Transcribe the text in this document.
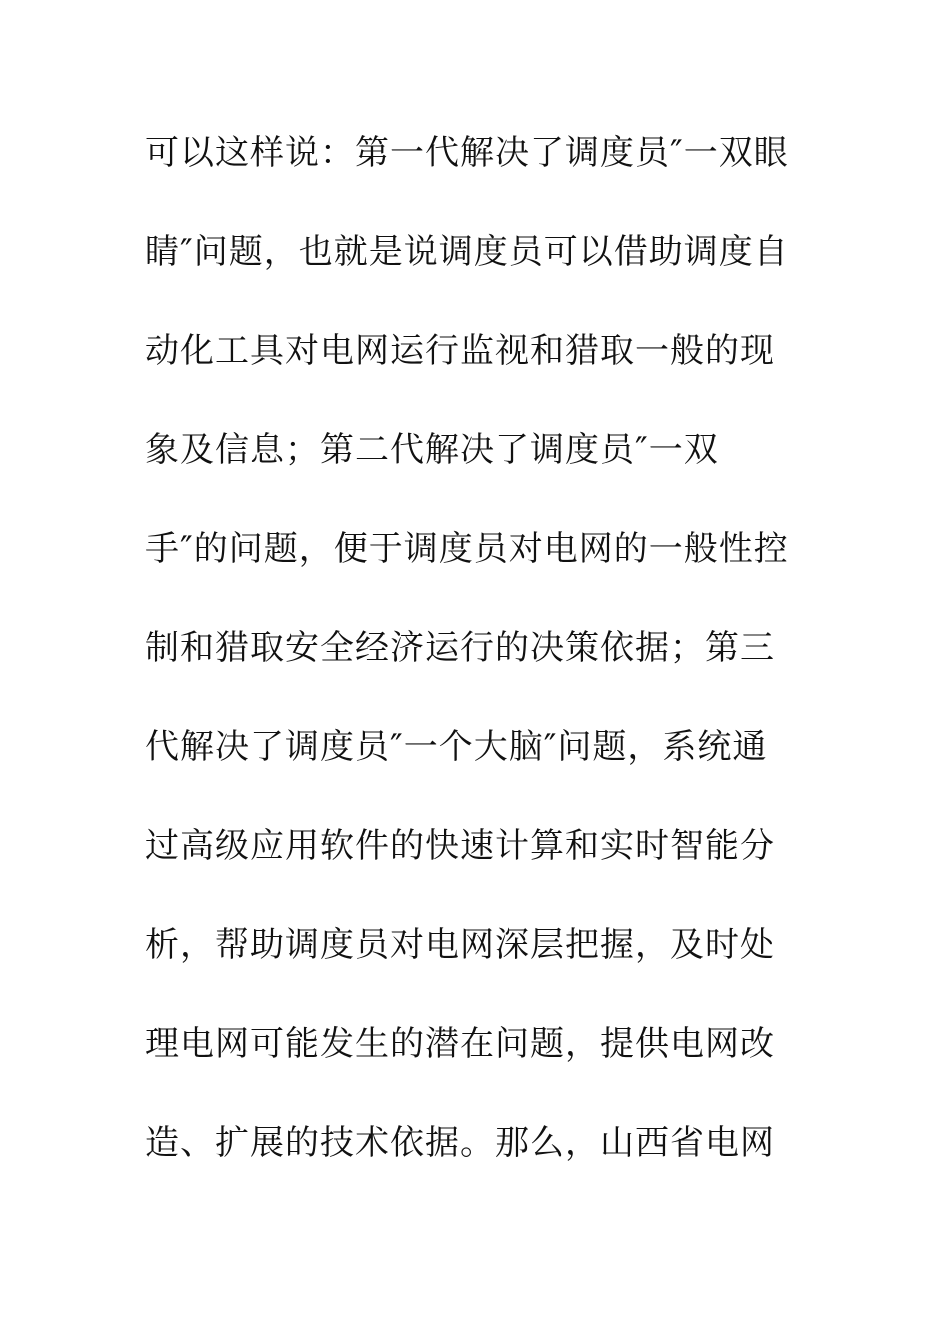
可以这样说：第一代解决了调度员″一双眼
睛″问题，也就是说调度员可以借助调度自
动化工具对电网运行监视和猎取一般的现
象及信息；第二代解决了调度员″一双
手″的问题，便于调度员对电网的一般性控
制和猎取安全经济运行的决策依据；第三
代解决了调度员″一个大脑″问题，系统通
过高级应用软件的快速计算和实时智能分
析，帮助调度员对电网深层把握，及时处
理电网可能发生的潜在问题，提供电网改
造、扩展的技术依据。那么，山西省电网
